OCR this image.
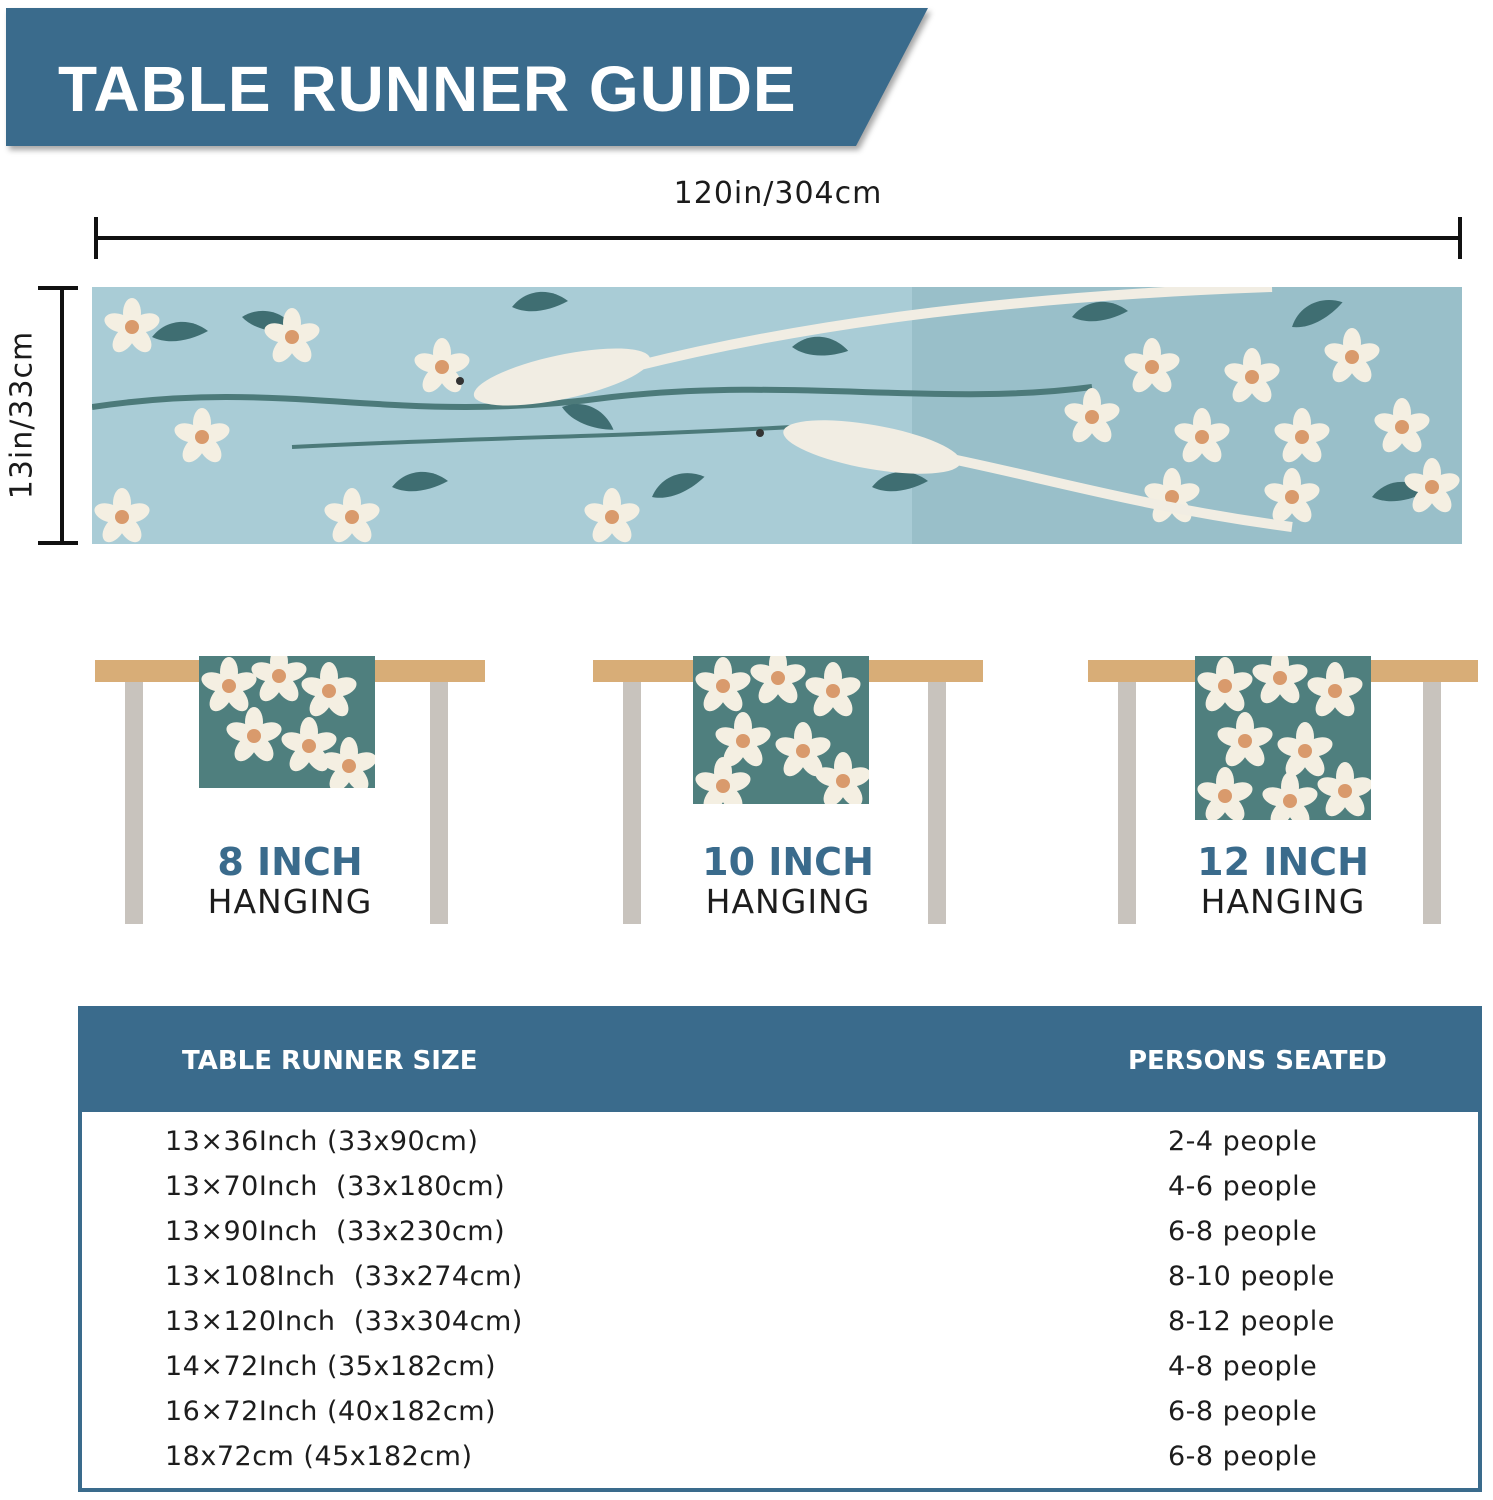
TABLE RUNNER GUIDE
120in/304cm
13in/33cm
8 INCH
HANGING
10 INCH
HANGING
12 INCH
HANGING
TABLE RUNNER SIZE	PERSONS SEATED
13×36Inch (33x90cm)	2-4 people
13×70Inch  (33x180cm)	4-6 people
13×90Inch  (33x230cm)	6-8 people
13×108Inch  (33x274cm)	8-10 people
13×120Inch  (33x304cm)	8-12 people
14×72Inch (35x182cm)	4-8 people
16×72Inch (40x182cm)	6-8 people
18x72cm (45x182cm)	6-8 people
